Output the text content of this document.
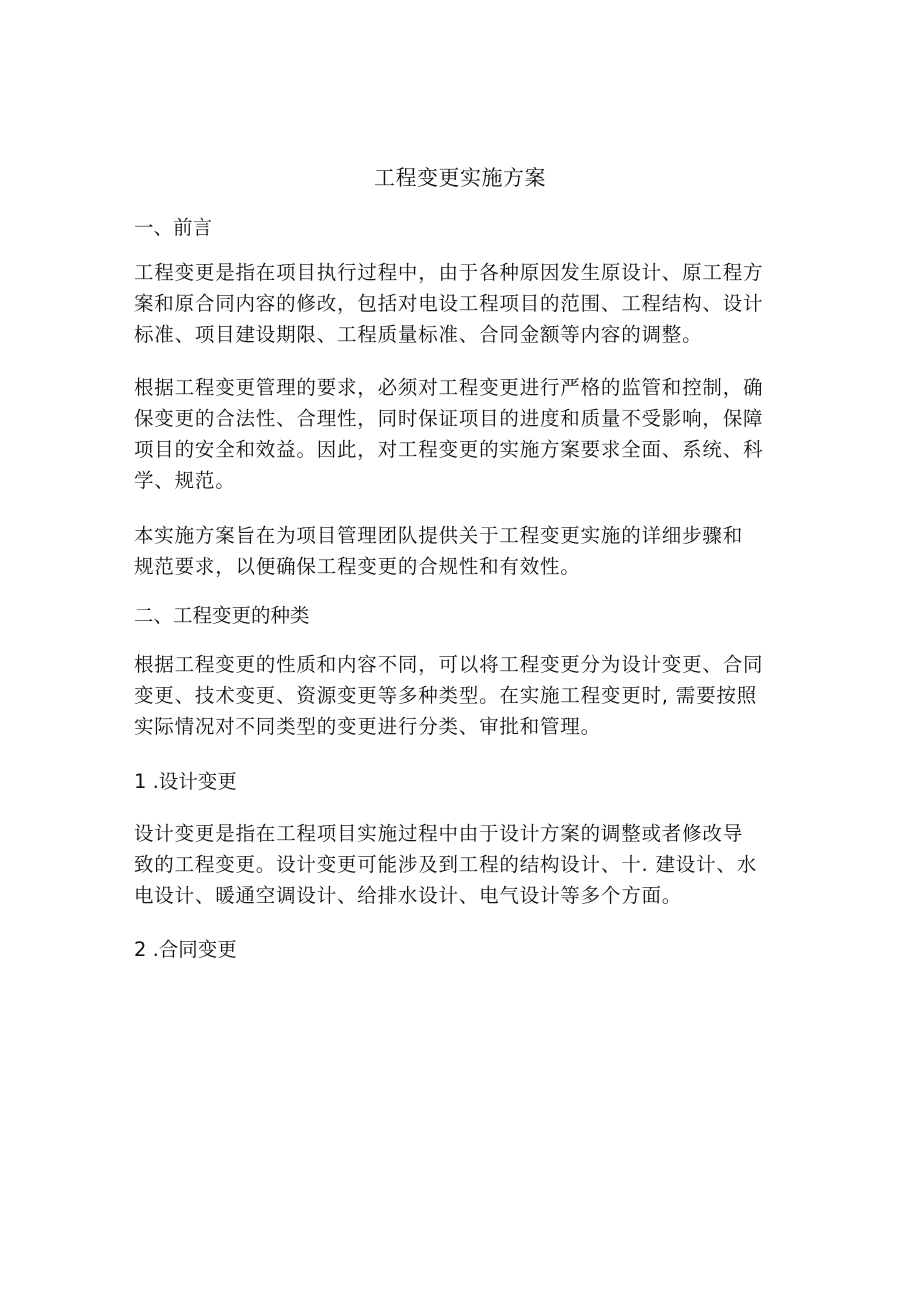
工程变更实施方案
一、前言
工程变更是指在项目执行过程中，由于各种原因发生原设计、原工程方
案和原合同内容的修改，包括对电设工程项目的范围、工程结构、设计
标准、项目建设期限、工程质量标准、合同金额等内容的调整。
根据工程变更管理的要求，必须对工程变更进行严格的监管和控制，确
保变更的合法性、合理性，同时保证项目的进度和质量不受影响，保障
项目的安全和效益。因此，对工程变更的实施方案要求全面、系统、科
学、规范。
本实施方案旨在为项目管理团队提供关于工程变更实施的详细步骤和
规范要求，以便确保工程变更的合规性和有效性。
二、工程变更的种类
根据工程变更的性质和内容不同，可以将工程变更分为设计变更、合同
变更、技术变更、资源变更等多种类型。在实施工程变更时, 需要按照
实际情况对不同类型的变更进行分类、审批和管理。
1 .设计变更
设计变更是指在工程项目实施过程中由于设计方案的调整或者修改导
致的工程变更。设计变更可能涉及到工程的结构设计、十. 建设计、水
电设计、暖通空调设计、给排水设计、电气设计等多个方面。
2 .合同变更
